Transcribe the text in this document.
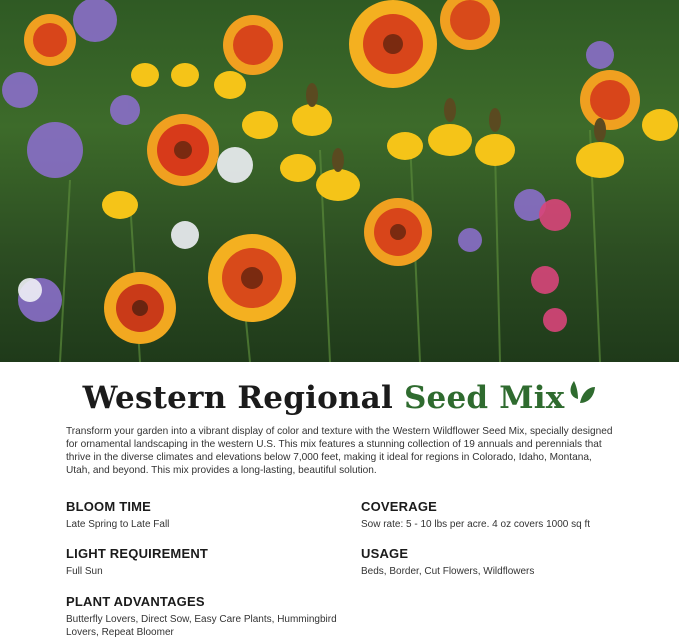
Western Regional Seed Mix
Transform your garden into a vibrant display of color and texture with the Western Wildflower Seed Mix, specially designed for ornamental landscaping in the western U.S. This mix features a stunning collection of 19 annuals and perennials that thrive in the diverse climates and elevations below 7,000 feet, making it ideal for regions in Colorado, Idaho, Montana, Utah, and beyond. This mix provides a long-lasting, beautiful solution.
BLOOM TIME
Late Spring to Late Fall
COVERAGE
Sow rate: 5 - 10 lbs per acre. 4 oz covers 1000 sq ft
LIGHT REQUIREMENT
Full Sun
USAGE
Beds, Border, Cut Flowers, Wildflowers
PLANT ADVANTAGES
Butterfly Lovers, Direct Sow, Easy Care Plants, Hummingbird Lovers, Repeat Bloomer
